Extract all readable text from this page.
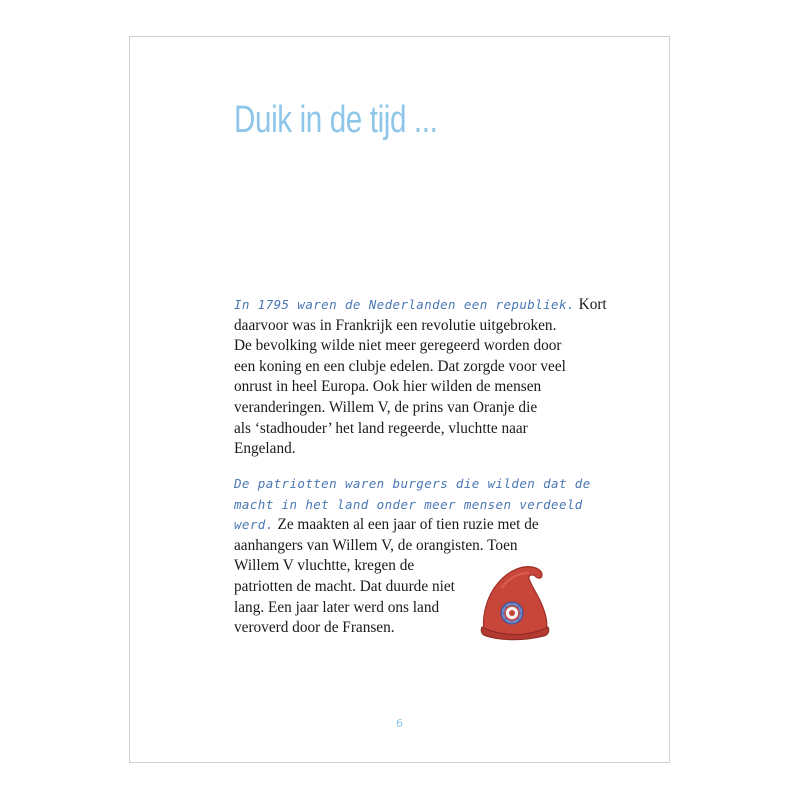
Duik in de tijd ...

In 1795 waren de Nederlanden een republiek. Kort
daarvoor was in Frankrijk een revolutie uitgebroken.
De bevolking wilde niet meer geregeerd worden door
een koning en een clubje edelen. Dat zorgde voor veel
onrust in heel Europa. Ook hier wilden de mensen
veranderingen. Willem V, de prins van Oranje die
als ‘stadhouder’ het land regeerde, vluchtte naar
Engeland.

De patriotten waren burgers die wilden dat de
macht in het land onder meer mensen verdeeld
werd. Ze maakten al een jaar of tien ruzie met de
aanhangers van Willem V, de orangisten. Toen
Willem V vluchtte, kregen de
patriotten de macht. Dat duurde niet
lang. Een jaar later werd ons land
veroverd door de Fransen.

6
